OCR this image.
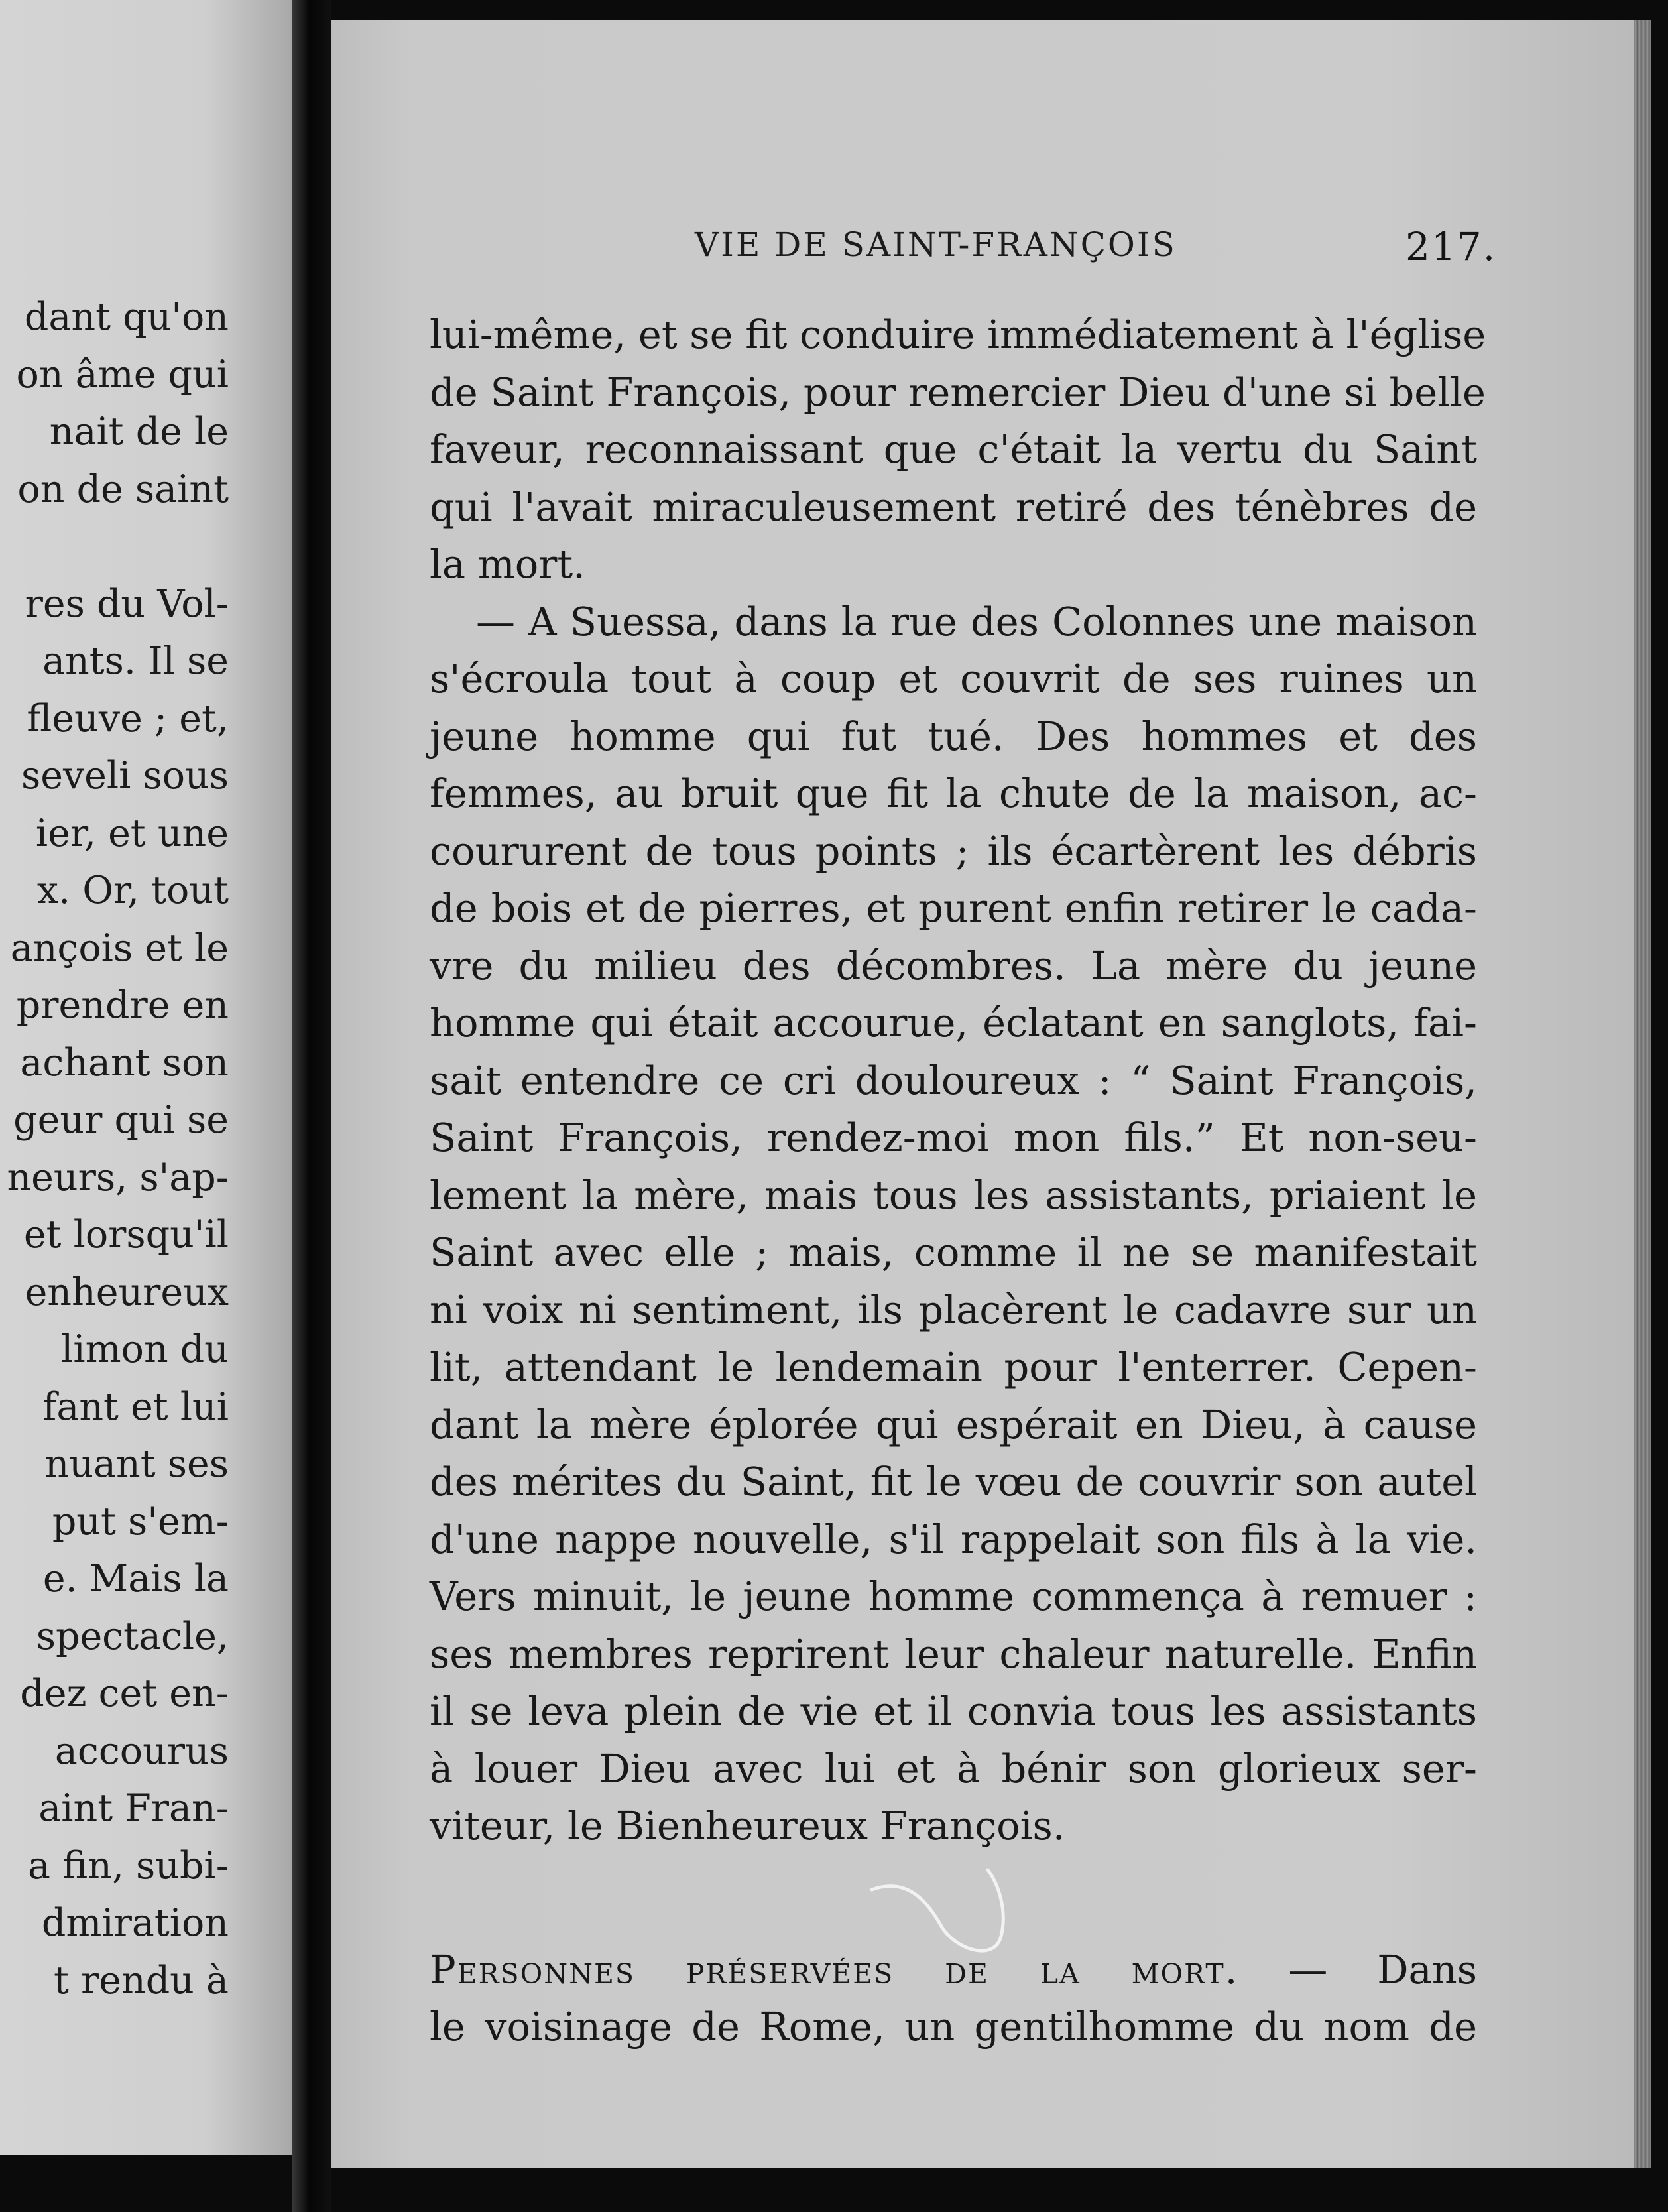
dant qu'on
on âme qui
nait de le
on de saint
res du Vol-
ants. Il se
fleuve ; et,
seveli sous
ier, et une
x. Or, tout
ançois et le
prendre en
achant son
geur qui se
neurs, s'ap-
et lorsqu'il
enheureux
limon du
fant et lui
nuant ses
put s'em-
e. Mais la
spectacle,
dez cet en-
accourus
aint Fran-
a fin, subi-
dmiration
t rendu à
VIE DE SAINT-FRANÇOIS	217.
lui-même, et se fit conduire immédiatement à l'église
de Saint François, pour remercier Dieu d'une si belle
faveur, reconnaissant que c'était la vertu du Saint
qui l'avait miraculeusement retiré des ténèbres de
la mort.
— A Suessa, dans la rue des Colonnes une maison
s'écroula tout à coup et couvrit de ses ruines un
jeune homme qui fut tué. Des hommes et des
femmes, au bruit que fit la chute de la maison, ac-
coururent de tous points ; ils écartèrent les débris
de bois et de pierres, et purent enfin retirer le cada-
vre du milieu des décombres. La mère du jeune
homme qui était accourue, éclatant en sanglots, fai-
sait entendre ce cri douloureux : “ Saint François,
Saint François, rendez-moi mon fils.” Et non-seu-
lement la mère, mais tous les assistants, priaient le
Saint avec elle ; mais, comme il ne se manifestait
ni voix ni sentiment, ils placèrent le cadavre sur un
lit, attendant le lendemain pour l'enterrer. Cepen-
dant la mère éplorée qui espérait en Dieu, à cause
des mérites du Saint, fit le vœu de couvrir son autel
d'une nappe nouvelle, s'il rappelait son fils à la vie.
Vers minuit, le jeune homme commença à remuer :
ses membres reprirent leur chaleur naturelle. Enfin
il se leva plein de vie et il convia tous les assistants
à louer Dieu avec lui et à bénir son glorieux ser-
viteur, le Bienheureux François.
Personnes préservées de la mort. — Dans
le voisinage de Rome, un gentilhomme du nom de
